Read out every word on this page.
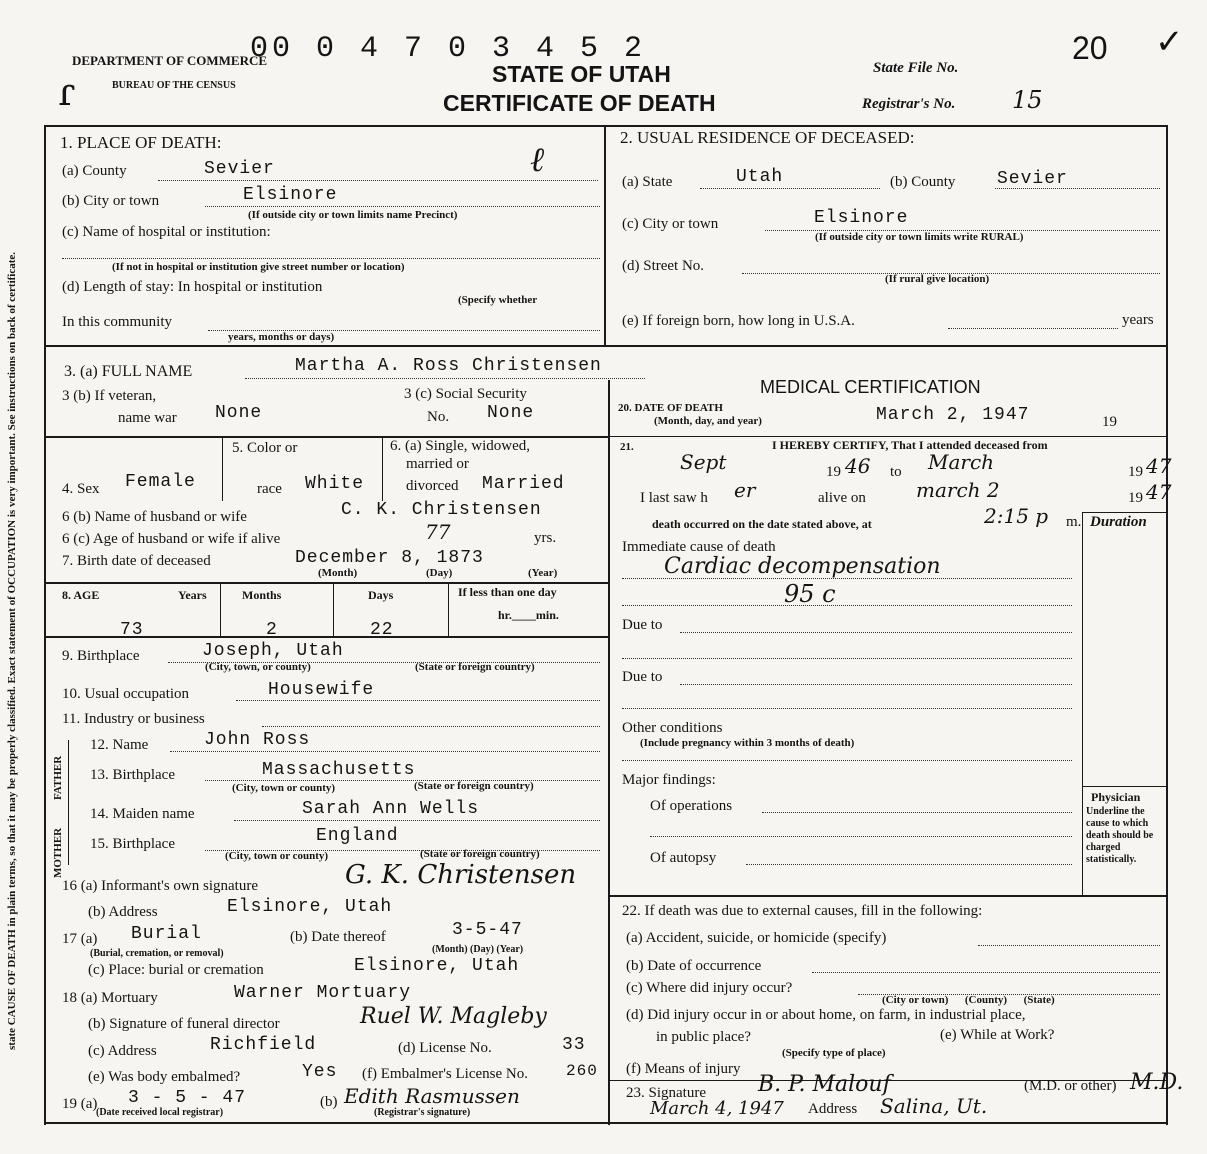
00 0 4 7 0 3 4 5 2
DEPARTMENT OF COMMERCE
BUREAU OF THE CENSUS	STATE OF UTAH
CERTIFICATE OF DEATH
State File No.
20 ✓
ɾ	Registrar's No. 15
state CAUSE OF DEATH in plain terms, so that it may be properly classified. Exact statement of OCCUPATION is very important. See instructions on back of certificate.
1. PLACE OF DEATH:
(a) County	Sevier	ℓ
(b) City or town	Elsinore
(If outside city or town limits name Precinct)
(c) Name of hospital or institution:
(If not in hospital or institution give street number or location)
(d) Length of stay: In hospital or institution
(Specify whether
In this community
years, months or days)
2. USUAL RESIDENCE OF DECEASED:
(a) State	Utah	(b) County Sevier
(c) City or town	Elsinore
(If outside city or town limits write RURAL)
(d) Street No.
(If rural give location)
(e) If foreign born, how long in U.S.A.	years
3. (a) FULL NAME	Martha A. Ross Christensen
MEDICAL CERTIFICATION
3 (b) If veteran,
name war None
3 (c) Social Security
No. None
5. Color or	6. (a) Single, widowed,
married or
4. Sex Female	race White	divorced Married
6 (b) Name of husband or wife	C. K. Christensen
6 (c) Age of husband or wife if alive	77	yrs.
7. Birth date of deceased	December 8, 1873
(Month)	(Day)	(Year)
8. AGE	Years	Months	Days	If less than one day
hr.____min.
73	2	22
9. Birthplace	Joseph, Utah
(City, town, or county)	(State or foreign country)
10. Usual occupation	Housewife
11. Industry or business
FATHER
MOTHER
12. Name	John Ross
13. Birthplace	Massachusetts
(City, town or county)	(State or foreign country)
14. Maiden name	Sarah Ann Wells
15. Birthplace	England
(City, town or county)	(State or foreign country)
16 (a) Informant's own signature	G. K. Christensen
(b) Address	Elsinore, Utah
17 (a) Burial
(Burial, cremation, or removal)
(b) Date thereof	3-5-47
(Month) (Day) (Year)
(c) Place: burial or cremation	Elsinore, Utah
18 (a) Mortuary	Warner Mortuary
(b) Signature of funeral director	Ruel W. Magleby
(c) Address	Richfield	(d) License No.	33
(e) Was body embalmed?	Yes (f) Embalmer's License No. 260
19 (a) 3 - 5 - 47
(Date received local registrar)
(b) Edith Rasmussen
(Registrar's signature)
20. DATE OF DEATH
(Month, day, and year)	March 2, 1947	19
21.	I HEREBY CERTIFY, That I attended deceased from
Sept	19 46 to March	19 47
I last saw h er	alive on	march 2	19 47
death occurred on the date stated above, at	2:15 p m. Duration
Immediate cause of death
Cardiac decompensation
95 c
Due to
Due to
Other conditions
(Include pregnancy within 3 months of death)
Major findings:
Of operations
Of autopsy
Physician
Underline the cause to which death should be charged statistically.
22. If death was due to external causes, fill in the following:
(a) Accident, suicide, or homicide (specify)
(b) Date of occurrence
(c) Where did injury occur?
(City or town)      (County)      (State)
(d) Did injury occur in or about home, on farm, in industrial place,
in public place?
(Specify type of place)
(e) While at Work?
(f) Means of injury
23. Signature B. P. Malouf	(M.D. or other) M.D.
March 4, 1947 Address Salina, Ut.
